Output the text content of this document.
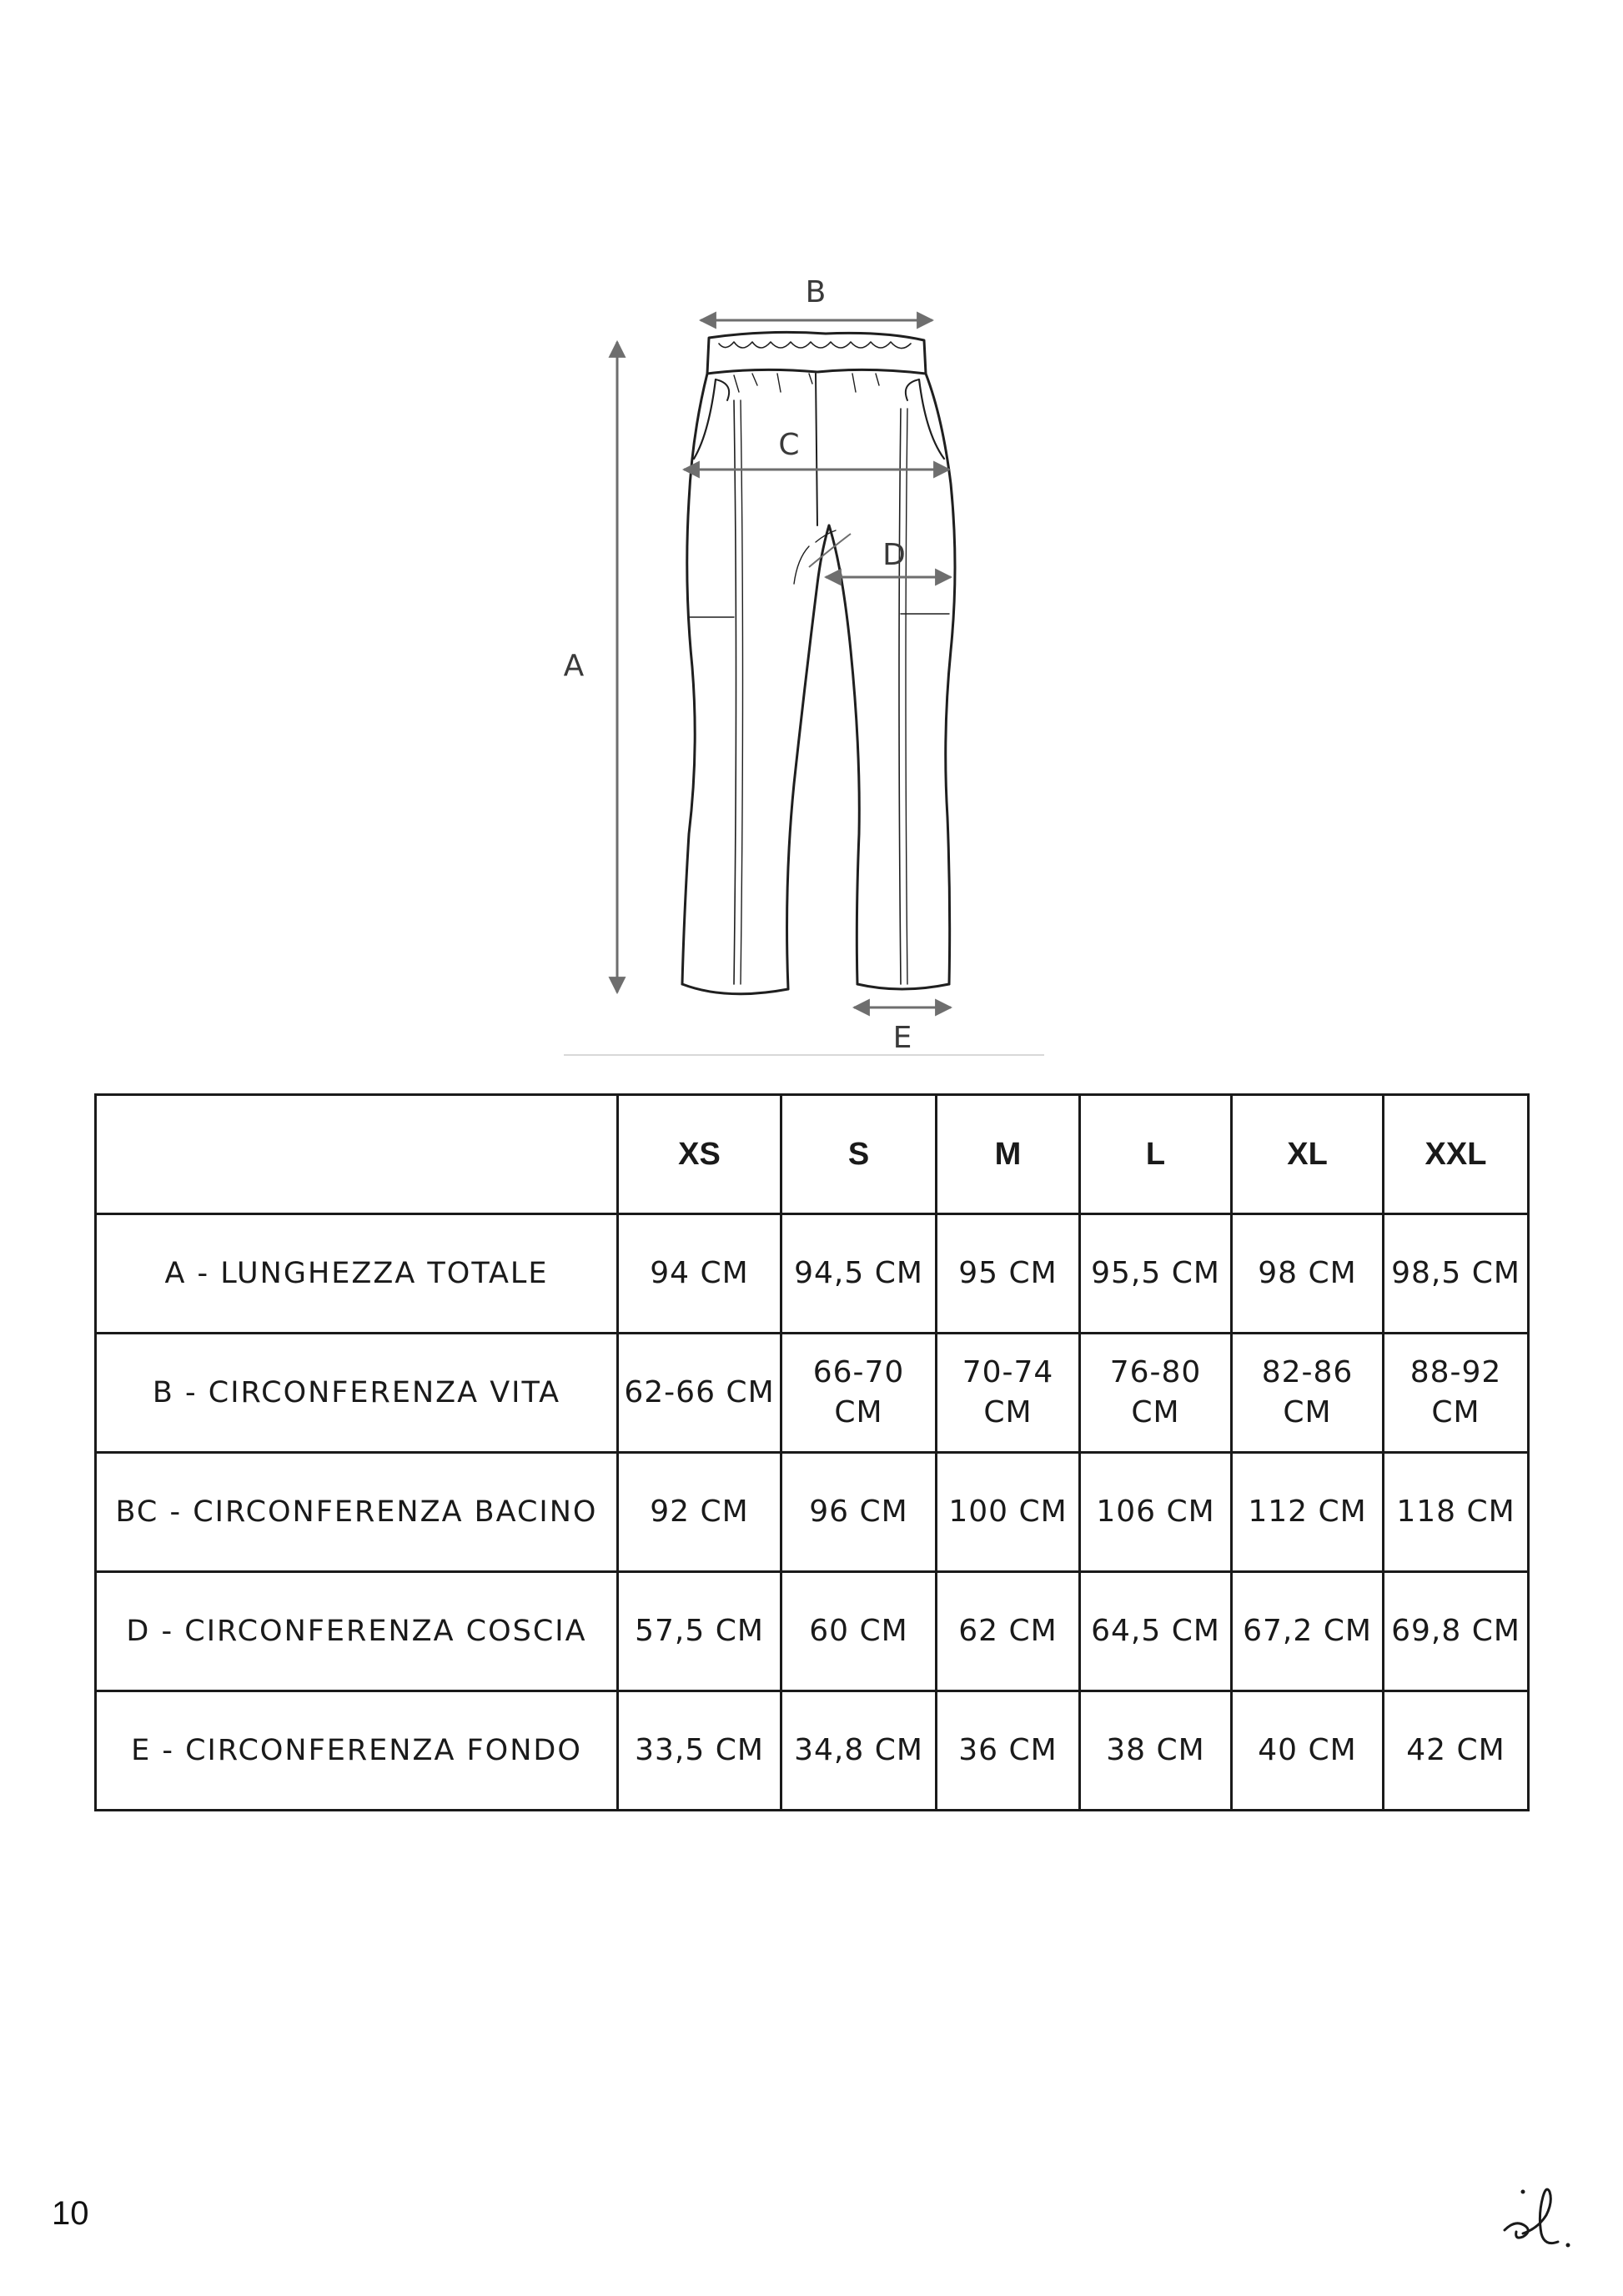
A
B
C
D
E
	XS	S	M	L	XL	XXL
A - LUNGHEZZA TOTALE	94 CM	94,5 CM	95 CM	95,5 CM	98 CM	98,5 CM
B - CIRCONFERENZA VITA	62-66 CM	66-70 CM	70-74 CM	76-80 CM	82-86 CM	88-92 CM
BC - CIRCONFERENZA BACINO	92 CM	96 CM	100 CM	106 CM	112 CM	118 CM
D - CIRCONFERENZA COSCIA	57,5 CM	60 CM	62 CM	64,5 CM	67,2 CM	69,8 CM
E - CIRCONFERENZA FONDO	33,5 CM	34,8 CM	36 CM	38 CM	40 CM	42 CM
10
